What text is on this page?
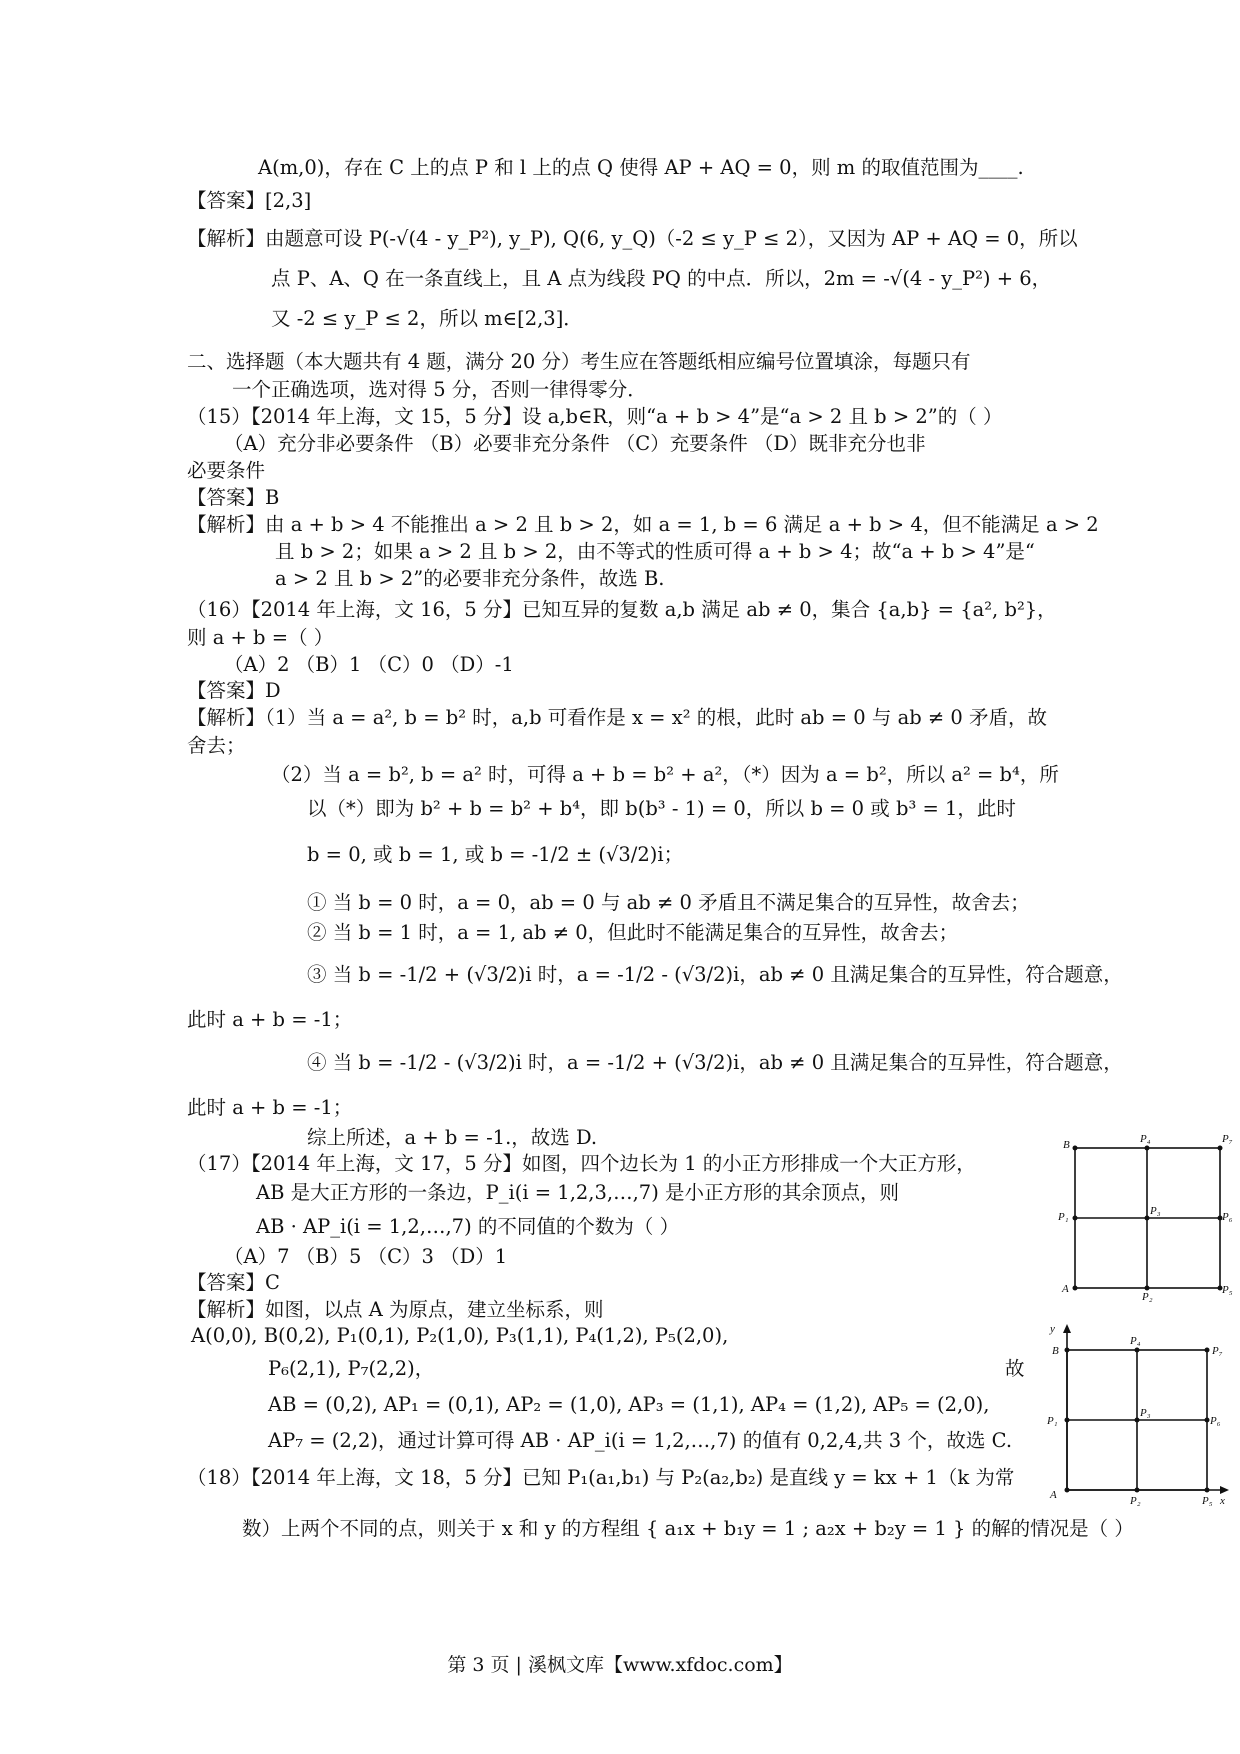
A(m,0)，存在 C 上的点 P 和 l 上的点 Q 使得 AP + AQ = 0，则 m 的取值范围为____.
【答案】[2,3]
【解析】由题意可设 P(-√(4 - y_P²), y_P), Q(6, y_Q)（-2 ≤ y_P ≤ 2），又因为 AP + AQ = 0，所以
点 P、A、Q 在一条直线上，且 A 点为线段 PQ 的中点．所以，2m = -√(4 - y_P²) + 6，
又 -2 ≤ y_P ≤ 2，所以 m∈[2,3]．
二、选择题（本大题共有 4 题，满分 20 分）考生应在答题纸相应编号位置填涂，每题只有
一个正确选项，选对得 5 分，否则一律得零分．
（15）【2014 年上海，文 15，5 分】设 a,b∈R，则“a + b > 4”是“a > 2 且 b > 2”的（ ）
（A）充分非必要条件 （B）必要非充分条件 （C）充要条件 （D）既非充分也非
必要条件
【答案】B
【解析】由 a + b > 4 不能推出 a > 2 且 b > 2，如 a = 1, b = 6 满足 a + b > 4，但不能满足 a > 2
且 b > 2；如果 a > 2 且 b > 2，由不等式的性质可得 a + b > 4；故“a + b > 4”是“
a > 2 且 b > 2”的必要非充分条件，故选 B.
（16）【2014 年上海，文 16，5 分】已知互异的复数 a,b 满足 ab ≠ 0，集合 {a,b} = {a², b²}，
则 a + b =（ ）
（A）2 （B）1 （C）0 （D）-1
【答案】D
【解析】（1）当 a = a², b = b² 时，a,b 可看作是 x = x² 的根，此时 ab = 0 与 ab ≠ 0 矛盾，故
舍去；
（2）当 a = b², b = a² 时，可得 a + b = b² + a²，（*）因为 a = b²，所以 a² = b⁴，所
以（*）即为 b² + b = b² + b⁴，即 b(b³ - 1) = 0，所以 b = 0 或 b³ = 1，此时
b = 0, 或 b = 1, 或 b = -1/2 ± (√3/2)i；
① 当 b = 0 时，a = 0，ab = 0 与 ab ≠ 0 矛盾且不满足集合的互异性，故舍去；
② 当 b = 1 时，a = 1, ab ≠ 0，但此时不能满足集合的互异性，故舍去；
③ 当 b = -1/2 + (√3/2)i 时，a = -1/2 - (√3/2)i，ab ≠ 0 且满足集合的互异性，符合题意，
此时 a + b = -1；
④ 当 b = -1/2 - (√3/2)i 时，a = -1/2 + (√3/2)i，ab ≠ 0 且满足集合的互异性，符合题意，
此时 a + b = -1；
综上所述，a + b = -1.，故选 D.
（17）【2014 年上海，文 17，5 分】如图，四个边长为 1 的小正方形排成一个大正方形，
AB 是大正方形的一条边，P_i(i = 1,2,3,…,7) 是小正方形的其余顶点，则
AB · AP_i(i = 1,2,…,7) 的不同值的个数为（ ）
（A）7 （B）5 （C）3 （D）1
【答案】C
【解析】如图，以点 A 为原点，建立坐标系，则
A(0,0), B(0,2), P₁(0,1), P₂(1,0), P₃(1,1), P₄(1,2), P₅(2,0),
P₆(2,1), P₇(2,2)，	故
AB = (0,2), AP₁ = (0,1), AP₂ = (1,0), AP₃ = (1,1), AP₄ = (1,2), AP₅ = (2,0),
AP₇ = (2,2)，通过计算可得 AB · AP_i(i = 1,2,…,7) 的值有 0,2,4,共 3 个，故选 C.
（18）【2014 年上海，文 18，5 分】已知 P₁(a₁,b₁) 与 P₂(a₂,b₂) 是直线 y = kx + 1（k 为常
数）上两个不同的点，则关于 x 和 y 的方程组 { a₁x + b₁y = 1 ; a₂x + b₂y = 1 } 的解的情况是（ ）
B	P₄	P₇
P₁	P₃	P₆
A
P₂
P₅
y
B
P₄
P₇
P₁
P₃
P₆
A	P₂	P₅ x
第 3 页 | 溪枫文库【www.xfdoc.com】
